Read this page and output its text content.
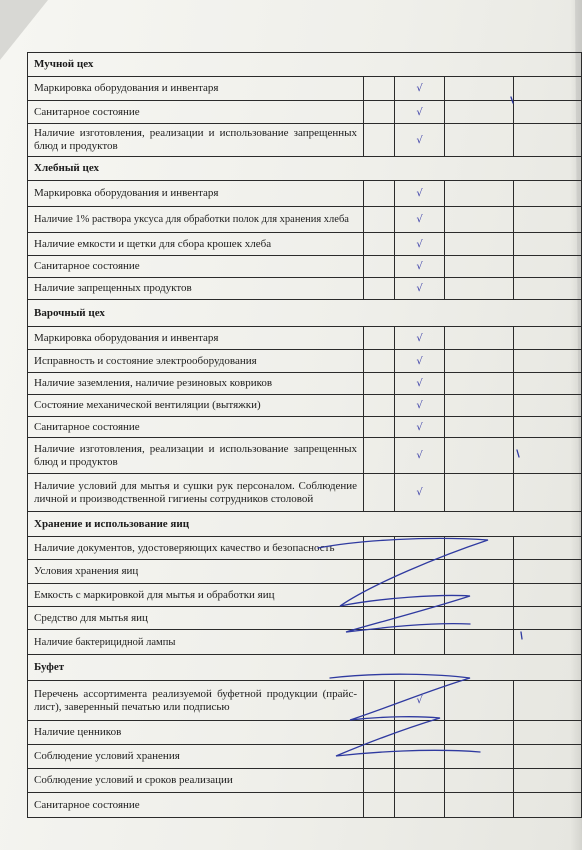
Мучной цех				
Маркировка оборудования и инвентаря		√		
Санитарное состояние		√		
Наличие изготовления, реализации и использование запрещенных блюд и продуктов		√		
Хлебный цех				
Маркировка оборудования и инвентаря		√		
Наличие 1% раствора уксуса для обработки полок для хранения хлеба		√		
Наличие емкости и щетки для сбора крошек хлеба		√		
Санитарное состояние		√		
Наличие запрещенных продуктов		√		
Варочный цех				
Маркировка оборудования и инвентаря		√		
Исправность и состояние электрооборудования		√		
Наличие заземления, наличие резиновых ковриков		√		
Состояние механической вентиляции (вытяжки)		√		
Санитарное состояние		√		
Наличие изготовления, реализации и использование запрещенных блюд и продуктов		√		
Наличие условий для мытья и сушки рук персоналом. Соблюдение личной и производственной гигиены сотрудников столовой		√		
Хранение и использование яиц				
Наличие документов, удостоверяющих качество и безопасность				
Условия хранения яиц				
Емкость с маркировкой для мытья и обработки яиц				
Средство для мытья яиц				
Наличие бактерицидной лампы				
Буфет				
Перечень ассортимента реализуемой буфетной продукции (прайс-лист), заверенный печатью или подписью		√		
Наличие ценников				
Соблюдение условий хранения				
Соблюдение условий и сроков реализации				
Санитарное состояние				
